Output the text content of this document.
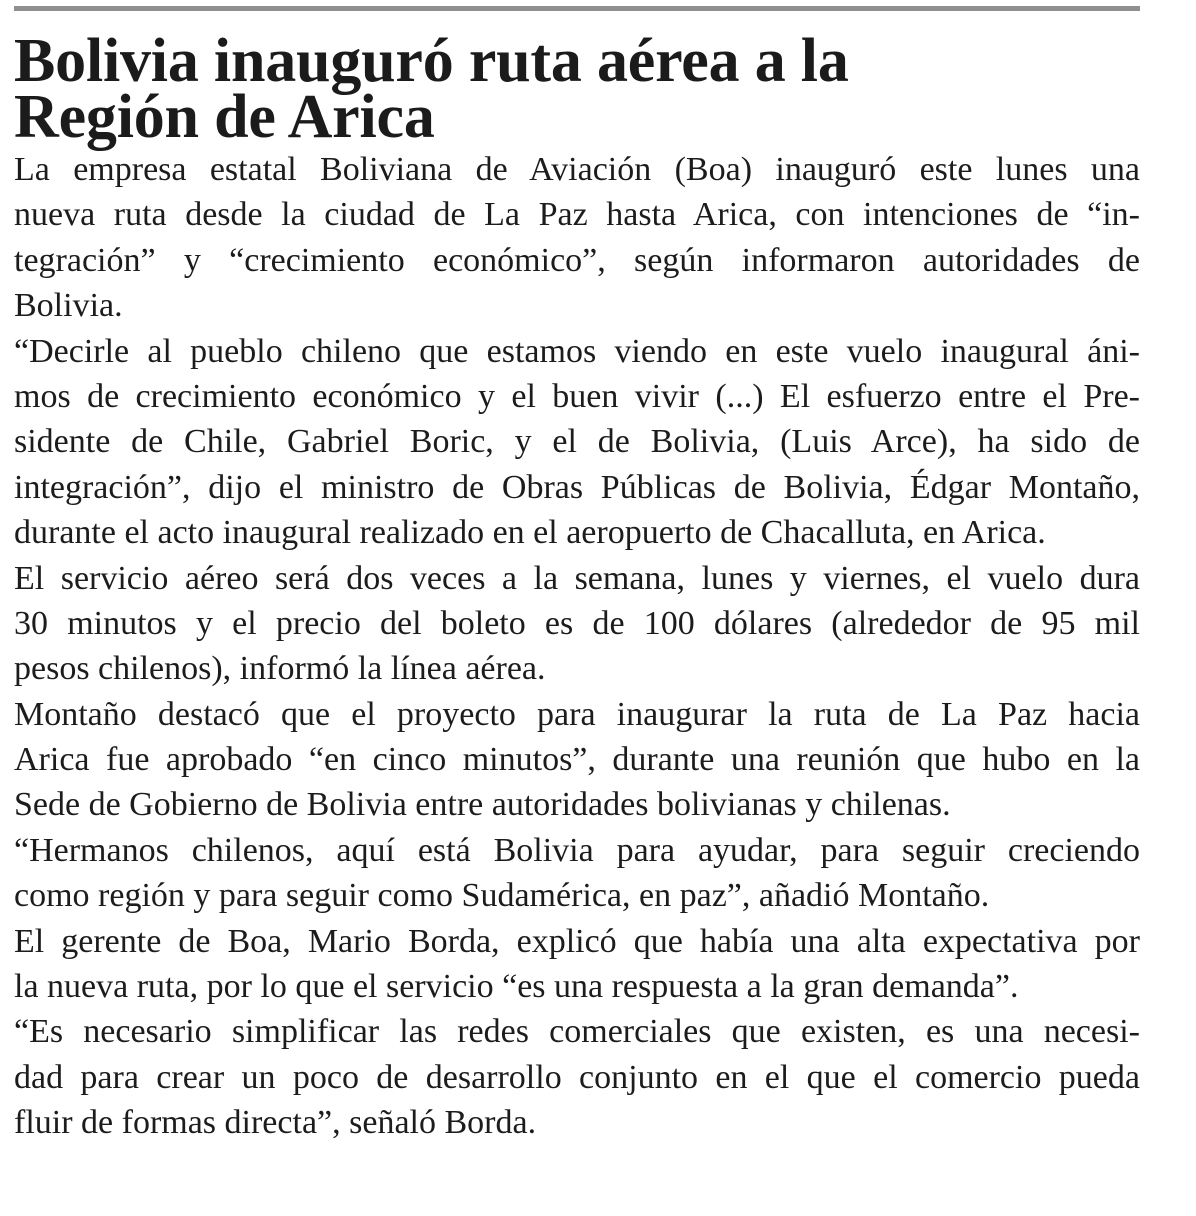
Bolivia inauguró ruta aérea a la
Región de Arica

La empresa estatal Boliviana de Aviación (Boa) inauguró este lunes una
nueva ruta desde la ciudad de La Paz hasta Arica, con intenciones de “in-
tegración” y “crecimiento económico”, según informaron autoridades de
Bolivia.

“Decirle al pueblo chileno que estamos viendo en este vuelo inaugural áni-
mos de crecimiento económico y el buen vivir (...) El esfuerzo entre el Pre-
sidente de Chile, Gabriel Boric, y el de Bolivia, (Luis Arce), ha sido de
integración”, dijo el ministro de Obras Públicas de Bolivia, Édgar Montaño,
durante el acto inaugural realizado en el aeropuerto de Chacalluta, en Arica.

El servicio aéreo será dos veces a la semana, lunes y viernes, el vuelo dura
30 minutos y el precio del boleto es de 100 dólares (alrededor de 95 mil
pesos chilenos), informó la línea aérea.

Montaño destacó que el proyecto para inaugurar la ruta de La Paz hacia
Arica fue aprobado “en cinco minutos”, durante una reunión que hubo en la
Sede de Gobierno de Bolivia entre autoridades bolivianas y chilenas.

“Hermanos chilenos, aquí está Bolivia para ayudar, para seguir creciendo
como región y para seguir como Sudamérica, en paz”, añadió Montaño.

El gerente de Boa, Mario Borda, explicó que había una alta expectativa por
la nueva ruta, por lo que el servicio “es una respuesta a la gran demanda”.

“Es necesario simplificar las redes comerciales que existen, es una necesi-
dad para crear un poco de desarrollo conjunto en el que el comercio pueda
fluir de formas directa”, señaló Borda.
